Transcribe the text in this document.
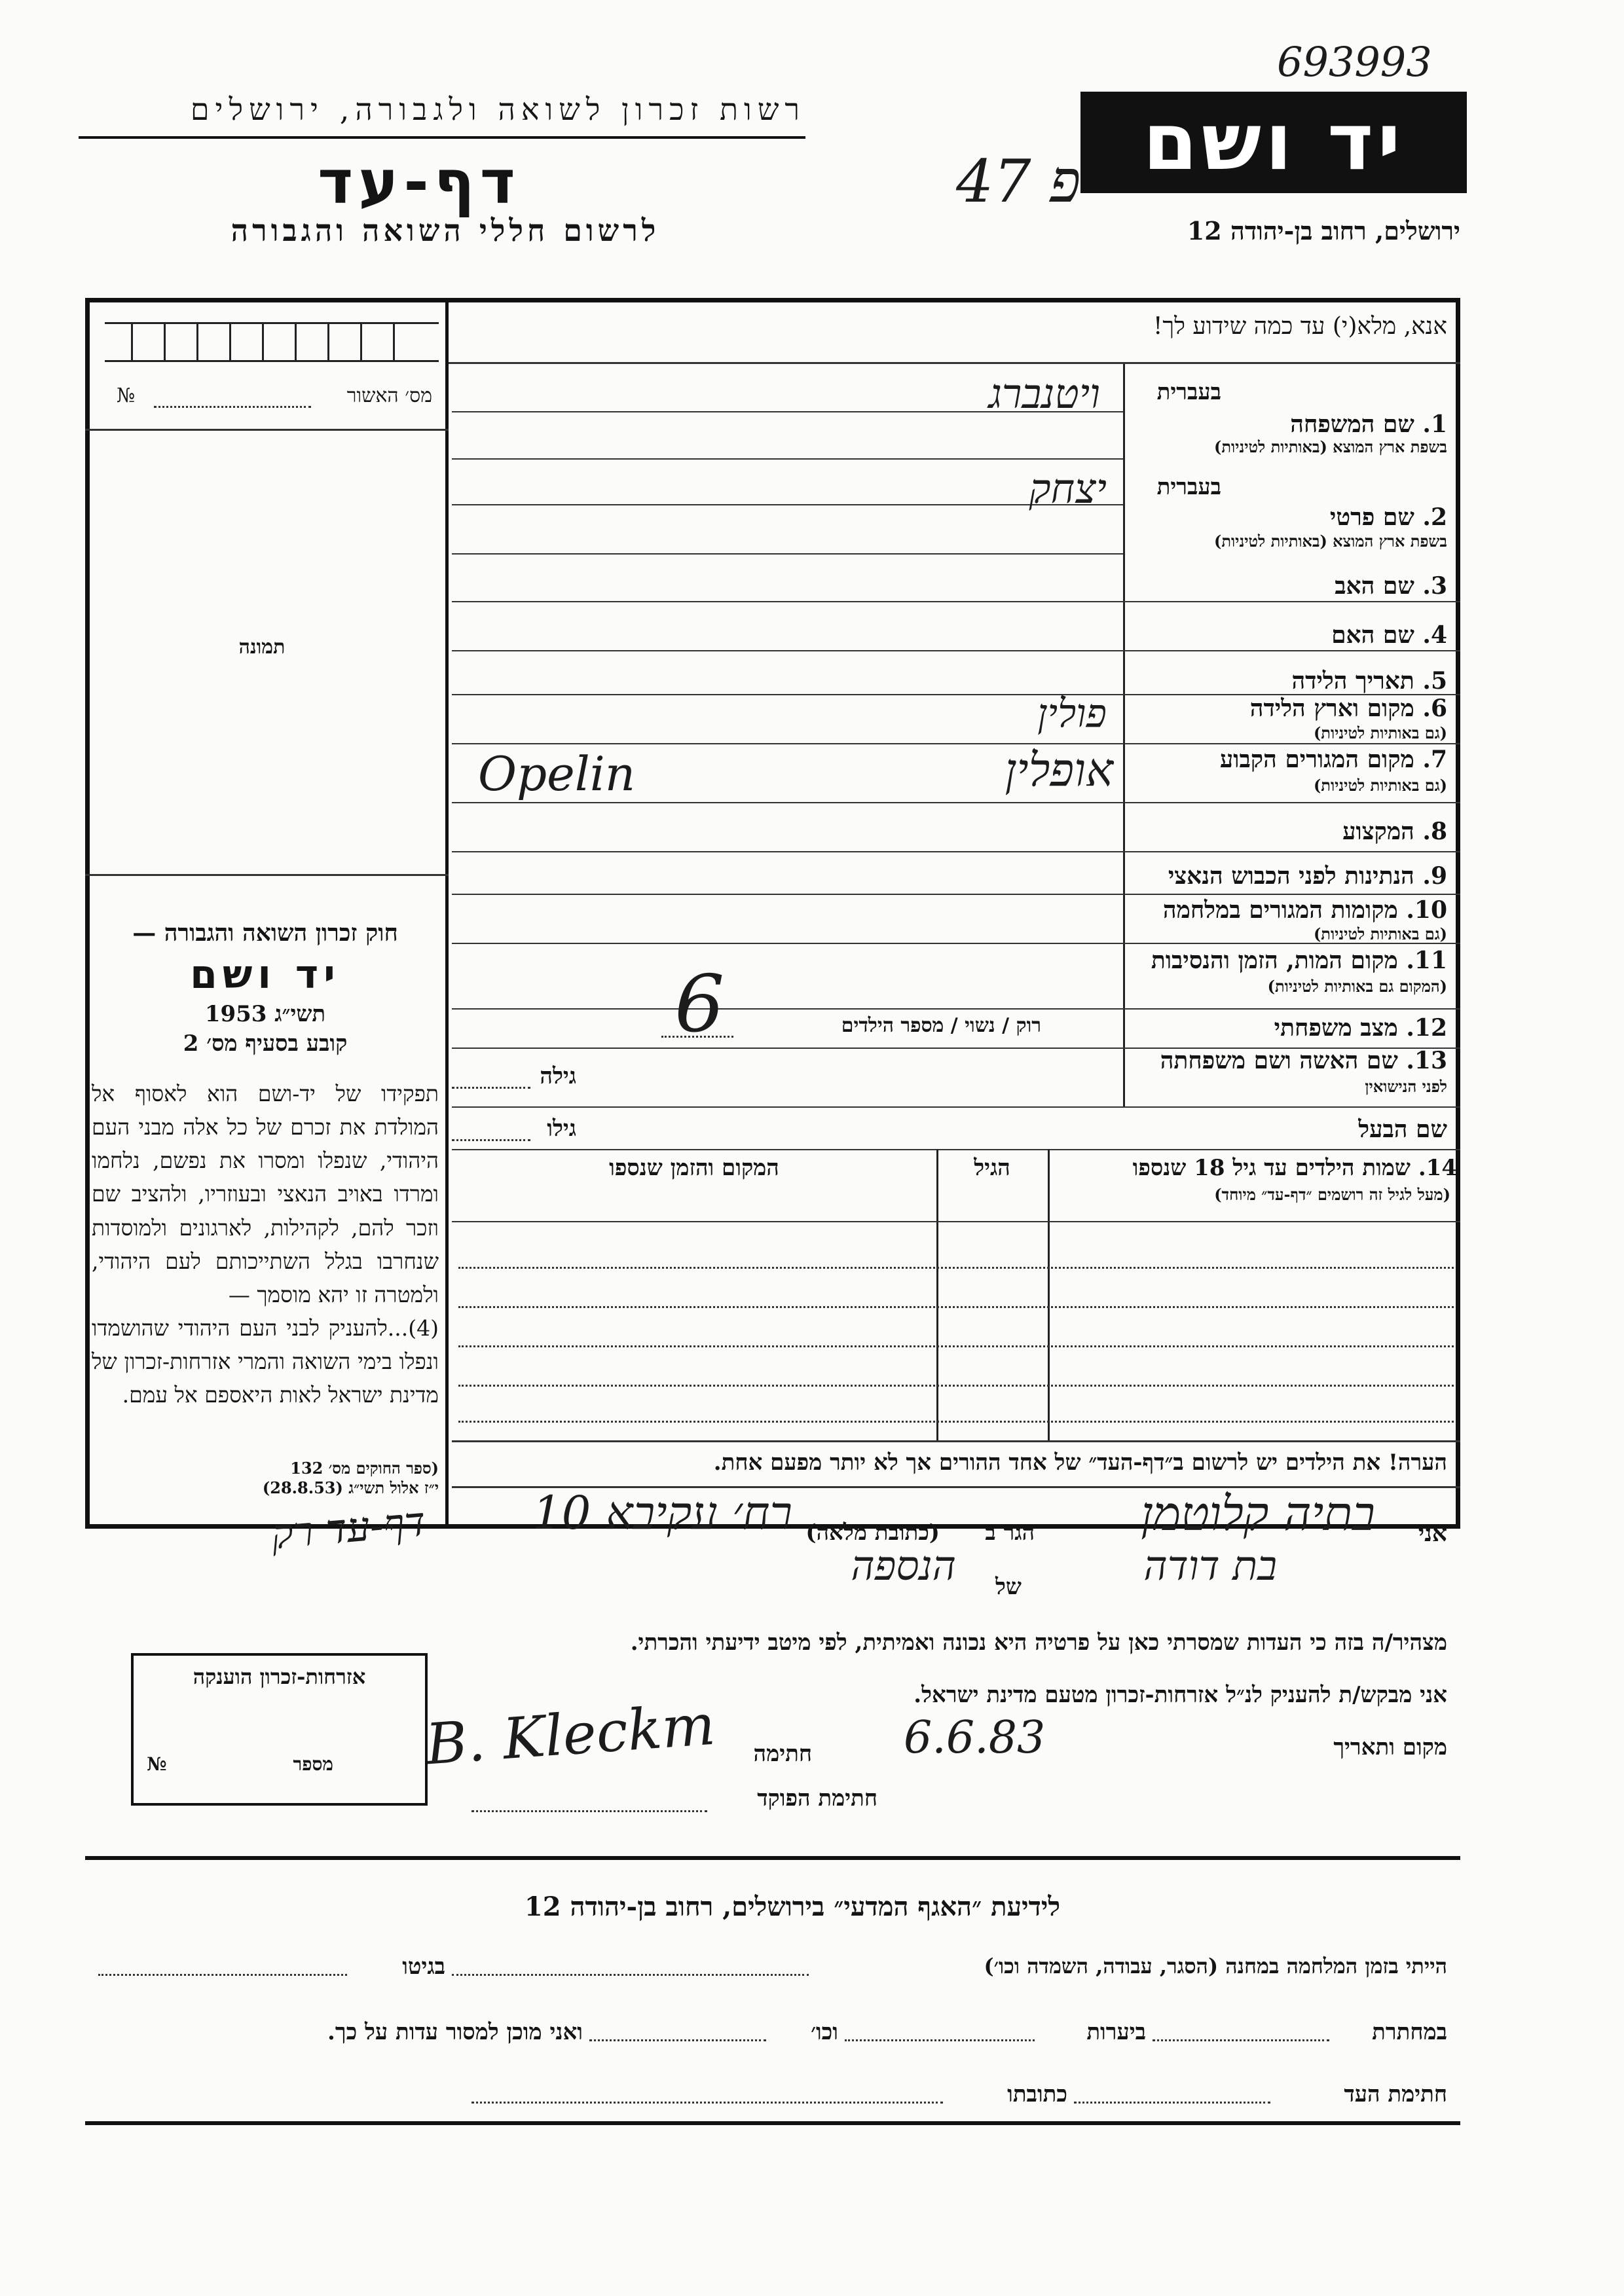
693993
יד ושם
רשות זכרון לשואה ולגבורה, ירושלים
דף-עד
לרשום חללי השואה והגבורה	ירושלים, רחוב בן-יהודה 12
פ 47
אנא, מלא(י) עד כמה שידוע לך!
מס׳ האשור
№
תמונה
חוק זכרון השואה והגבורה —
יד ושם
תשי״ג 1953
קובע בסעיף מס׳ 2
תפקידו של יד-ושם הוא לאסוף אל המולדת את זכרם של כל אלה מבני העם היהודי, שנפלו ומסרו את נפשם, נלחמו ומרדו באויב הנאצי ובעוזריו, ולהציב שם וזכר להם, לקהילות, לארגונים ולמוסדות שנחרבו בגלל השתייכותם לעם היהודי, ולמטרה זו יהא מוסמך —
(4)...להעניק לבני העם היהודי שהושמדו ונפלו בימי השואה והמרי אזרחות-זכרון של מדינת ישראל לאות היאספם אל עמם.
(ספר החוקים מס׳ 132
י״ז אלול תשי״ג (28.8.53)
בעברית
1. שם המשפחה
בשפת ארץ המוצא (באותיות לטיניות)
ויטנברג
בעברית
2. שם פרטי
בשפת ארץ המוצא (באותיות לטיניות)
יצחק
3. שם האב
4. שם האם
5. תאריך הלידה
6. מקום וארץ הלידה
(גם באותיות לטיניות)
פולין
7. מקום המגורים הקבוע
(גם באותיות לטיניות)
אופלין
Opelin
8. המקצוע
9. הנתינות לפני הכבוש הנאצי
10. מקומות המגורים במלחמה
(גם באותיות לטיניות)
11. מקום המות, הזמן והנסיבות
(המקום גם באותיות לטיניות)
12. מצב משפחתי
רוק / נשוי / מספר הילדים
6
13. שם האשה ושם משפחתה
לפני הנישואין
גילה
שם הבעל
גילו
14. שמות הילדים עד גיל 18 שנספו
(מעל לגיל זה רושמים ״דף-עד״ מיוחד)
הגיל
המקום והזמן שנספו
הערה! את הילדים יש לרשום ב״דף-העד״ של אחד ההורים אך לא יותר מפעם אחת.
אני
בתיה קלוטמן
הגר ב
(כתובת מלאה)
רח׳ עקיבא 10
בת דודה
של
הנספה
מצהיר/ה בזה כי העדות שמסרתי כאן על פרטיה היא נכונה ואמיתית, לפי מיטב ידיעתי והכרתי.
אני מבקש/ת להעניק לנ״ל אזרחות-זכרון מטעם מדינת ישראל.
מקום ותאריך
6.6.83
חתימה
B. Kleckm
חתימת הפוקד
דף-עד רק
אזרחות-זכרון הוענקה
מספר
№
לידיעת ״האגף המדעי״ בירושלים, רחוב בן-יהודה 12
הייתי בזמן המלחמה במחנה (הסגר, עבודה, השמדה וכו׳)
בגיטו
במחתרת
ביערות
וכו׳
ואני מוכן למסור עדות על כך.
חתימת העד
כתובתו
